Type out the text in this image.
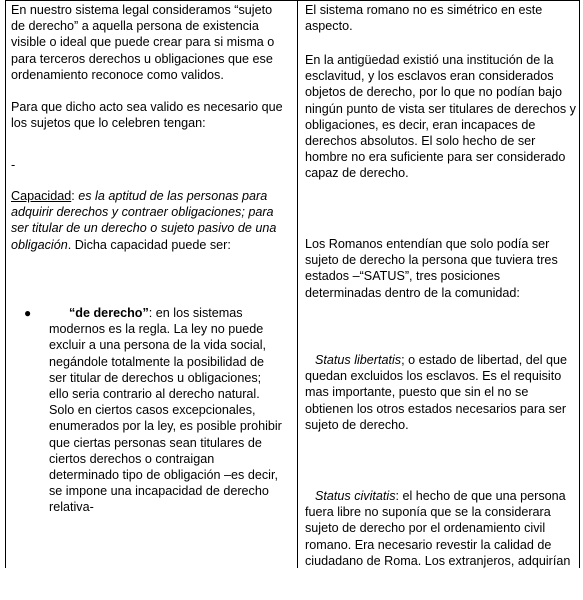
En nuestro sistema legal consideramos “sujeto de derecho” a aquella persona de existencia visible o ideal que puede crear para si misma o para terceros derechos u obligaciones que ese ordenamiento reconoce como validos.

Para que dicho acto sea valido es necesario que los sujetos que lo celebren tengan:

-

Capacidad: es la aptitud de las personas para adquirir derechos y contraer obligaciones; para ser titular de un derecho o sujeto pasivo de una obligación. Dicha capacidad puede ser:

●	“de derecho”: en los sistemas modernos es la regla. La ley no puede excluir a una persona de la vida social, negándole totalmente la posibilidad de ser titular de derechos u obligaciones; ello seria contrario al derecho natural. Solo en ciertos casos excepcionales, enumerados por la ley, es posible prohibir que ciertas personas sean titulares de ciertos derechos o contraigan determinado tipo de obligación –es decir, se impone una incapacidad de derecho relativa-

El sistema romano no es simétrico en este aspecto.

En la antigüedad existió una institución de la esclavitud, y los esclavos eran considerados objetos de derecho, por lo que no podían bajo ningún punto de vista ser titulares de derechos y obligaciones, es decir, eran incapaces de derechos absolutos. El solo hecho de ser hombre no era suficiente para ser considerado capaz de derecho.

Los Romanos entendían que solo podía ser sujeto de derecho la persona que tuviera tres estados –“SATUS”, tres posiciones determinadas dentro de la comunidad:

Status libertatis; o estado de libertad, del que quedan excluidos los esclavos. Es el requisito mas importante, puesto que sin el no se obtienen los otros estados necesarios para ser sujeto de derecho.

Status civitatis: el hecho de que una persona fuera libre no suponía que se la considerara sujeto de derecho por el ordenamiento civil romano. Era necesario revestir la calidad de ciudadano de Roma. Los extranjeros, adquirían
